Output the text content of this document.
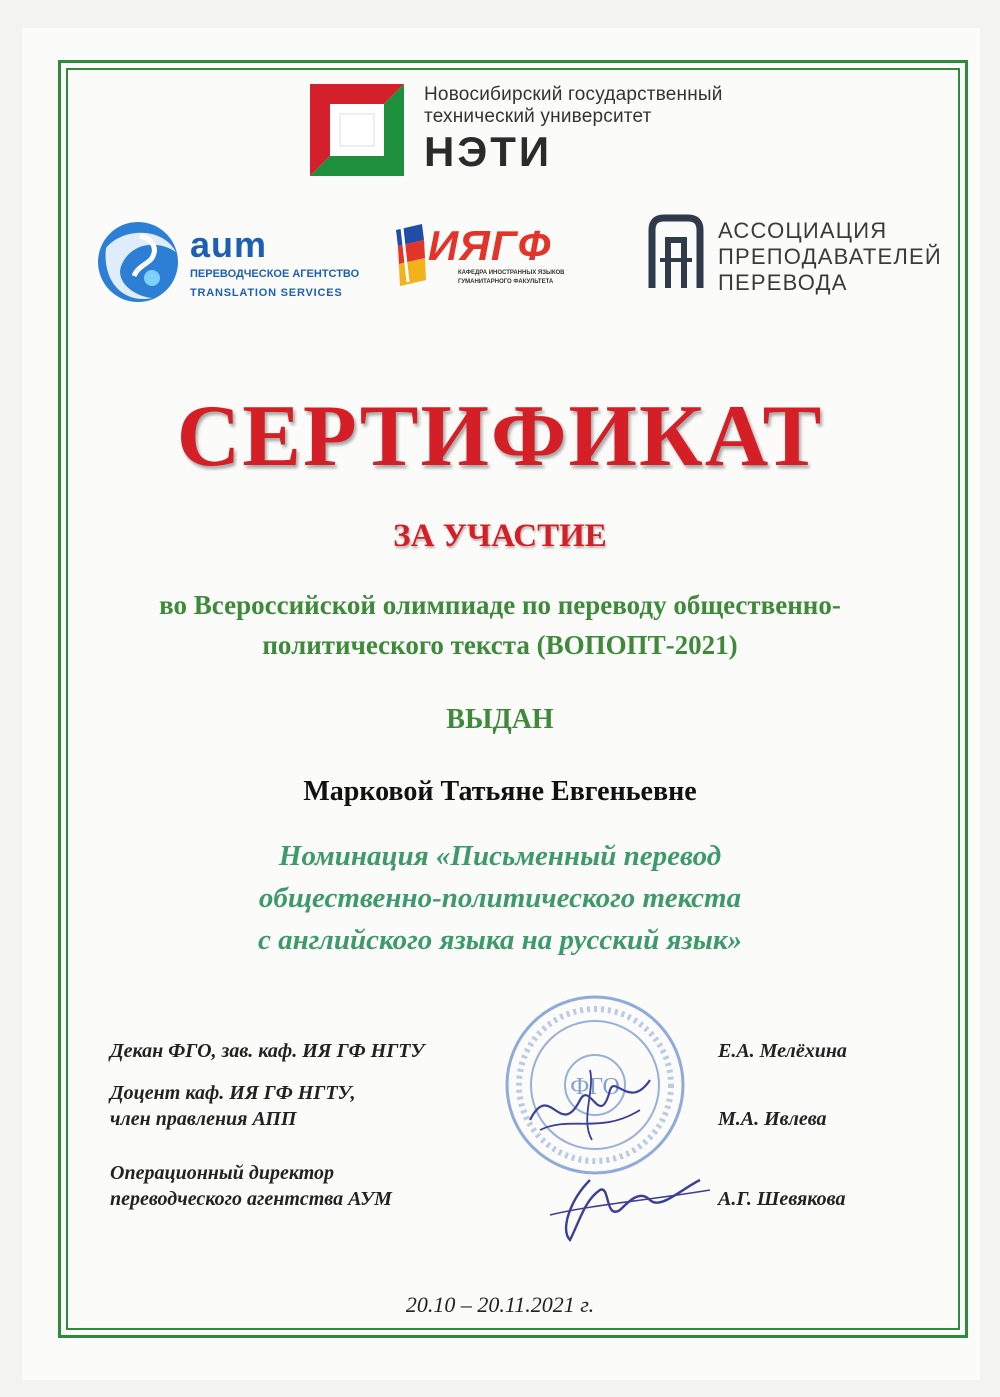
Новосибирский государственный
технический университет
НЭТИ
aum
ПЕРЕВОДЧЕСКОЕ АГЕНТСТВО
TRANSLATION SERVICES
ИЯГФ
КАФЕДРА ИНОСТРАННЫХ ЯЗЫКОВ
ГУМАНИТАРНОГО ФАКУЛЬТЕТА
АССОЦИАЦИЯ
ПРЕПОДАВАТЕЛЕЙ
ПЕРЕВОДА
СЕРТИФИКАТ
ЗА УЧАСТИЕ
во Всероссийской олимпиаде по переводу общественно-
политического текста (ВОПОПТ-2021)
ВЫДАН
Марковой Татьяне Евгеньевне
Номинация «Письменный перевод
общественно-политического текста
с английского языка на русский язык»
ФГО
Декан ФГО, зав. каф. ИЯ ГФ НГТУ	Е.А. Мелёхина
Доцент каф. ИЯ ГФ НГТУ,
член правления АПП	М.А. Ивлева
Операционный директор
переводческого агентства АУМ	А.Г. Шевякова
20.10 – 20.11.2021 г.
